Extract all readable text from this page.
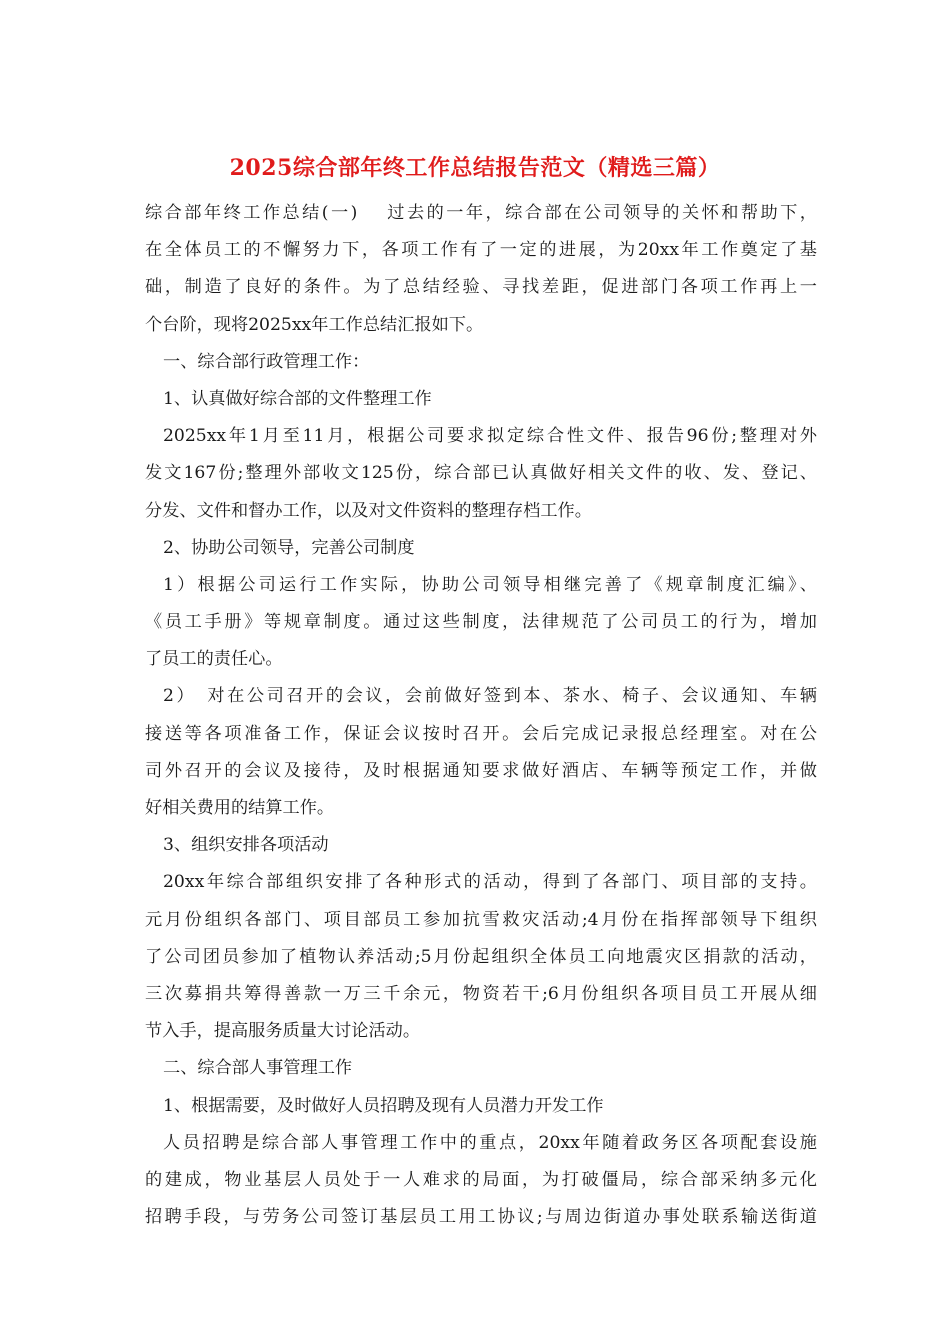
2025综合部年终工作总结报告范文（精选三篇）
综合部年终工作总结(一)　 过去的一年，综合部在公司领导的关怀和帮助下，
在全体员工的不懈努力下，各项工作有了一定的进展，为20xx年工作奠定了基
础，制造了良好的条件。为了总结经验、寻找差距，促进部门各项工作再上一
个台阶，现将2025xx年工作总结汇报如下。
一、综合部行政管理工作：
1、认真做好综合部的文件整理工作
2025xx年1月至11月，根据公司要求拟定综合性文件、报告96份;整理对外
发文167份;整理外部收文125份，综合部已认真做好相关文件的收、发、登记、
分发、文件和督办工作，以及对文件资料的整理存档工作。
2、协助公司领导，完善公司制度
1）根据公司运行工作实际，协助公司领导相继完善了《规章制度汇编》、
《员工手册》等规章制度。通过这些制度，法律规范了公司员工的行为，增加
了员工的责任心。
2）　对在公司召开的会议，会前做好签到本、茶水、椅子、会议通知、车辆
接送等各项准备工作，保证会议按时召开。会后完成记录报总经理室。对在公
司外召开的会议及接待，及时根据通知要求做好酒店、车辆等预定工作，并做
好相关费用的结算工作。
3、组织安排各项活动
20xx年综合部组织安排了各种形式的活动，得到了各部门、项目部的支持。
元月份组织各部门、项目部员工参加抗雪救灾活动;4月份在指挥部领导下组织
了公司团员参加了植物认养活动;5月份起组织全体员工向地震灾区捐款的活动，
三次募捐共筹得善款一万三千余元，物资若干;6月份组织各项目员工开展从细
节入手，提高服务质量大讨论活动。
二、综合部人事管理工作
1、根据需要，及时做好人员招聘及现有人员潜力开发工作
人员招聘是综合部人事管理工作中的重点，20xx年随着政务区各项配套设施
的建成，物业基层人员处于一人难求的局面，为打破僵局，综合部采纳多元化
招聘手段，与劳务公司签订基层员工用工协议;与周边街道办事处联系输送街道
